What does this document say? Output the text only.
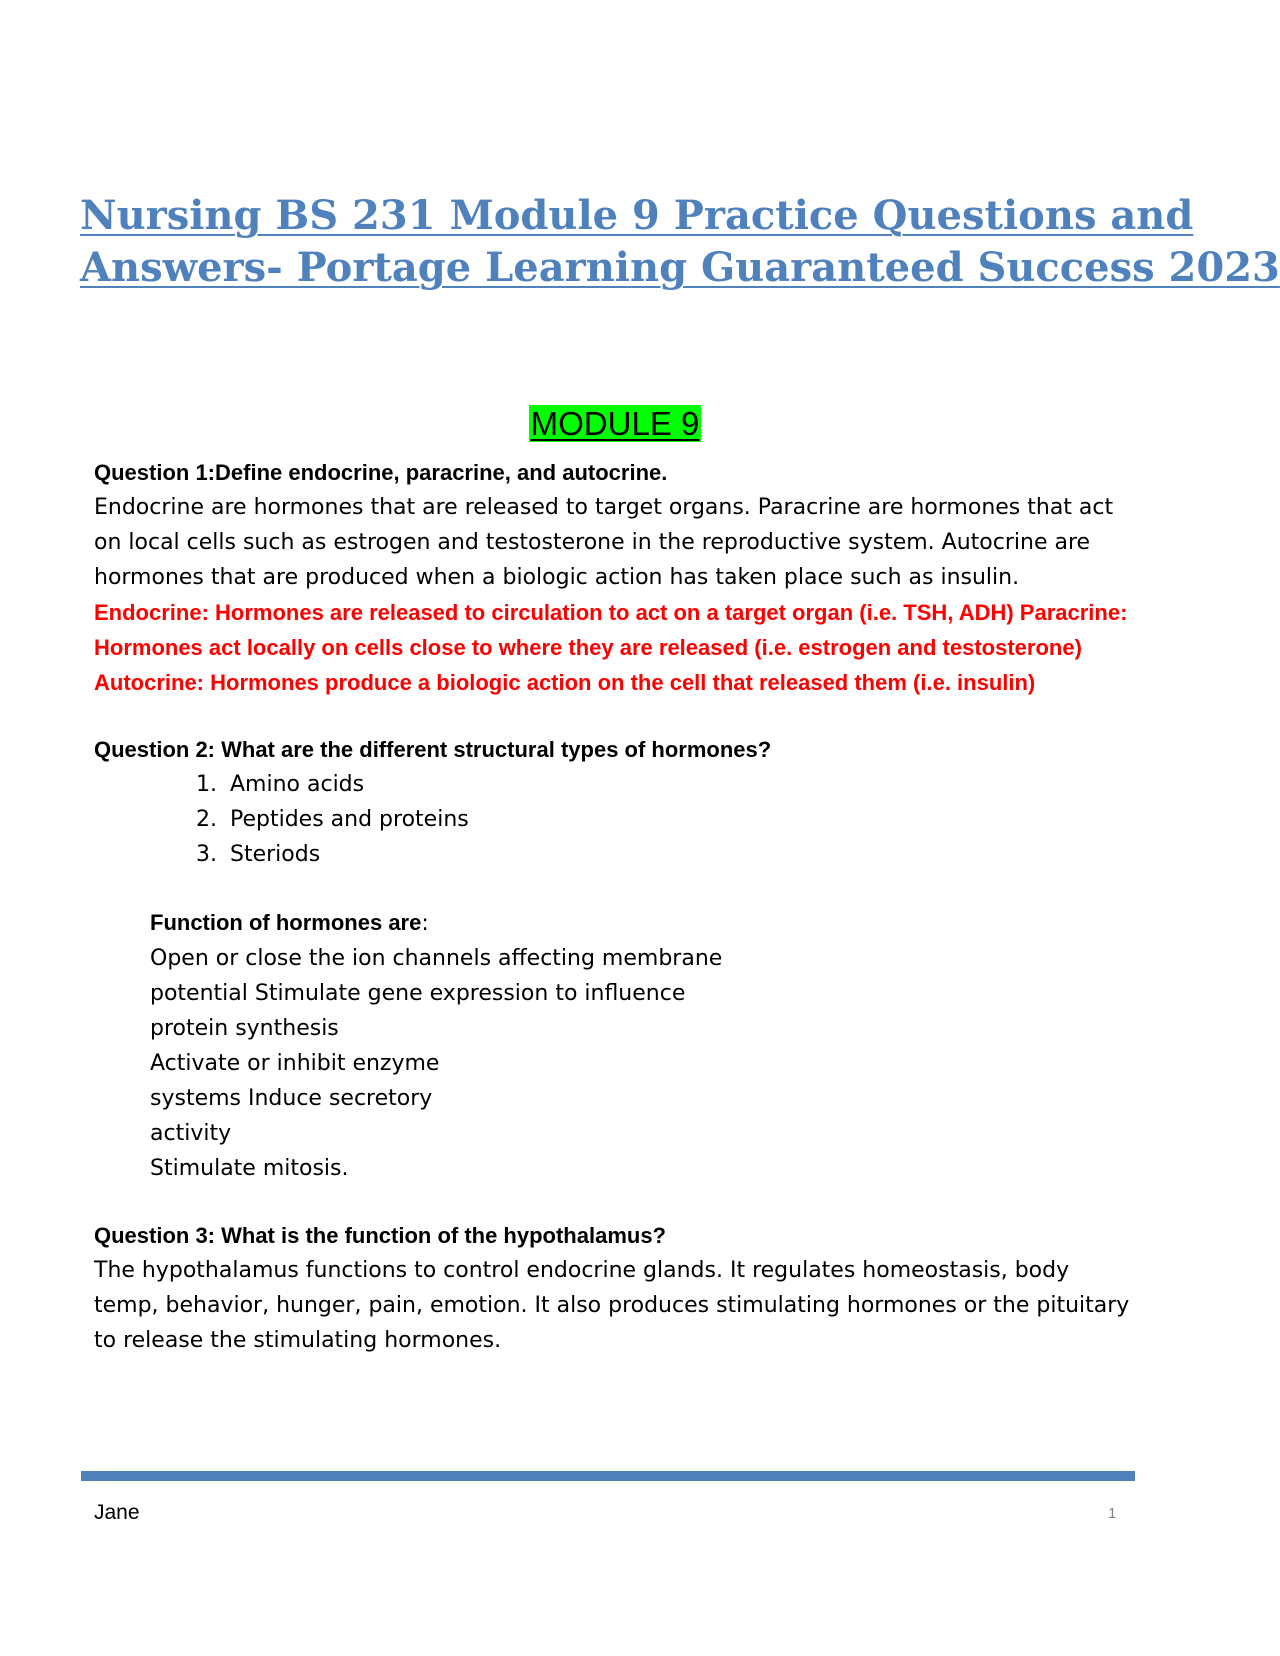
Nursing BS 231 Module 9 Practice Questions and
Answers- Portage Learning Guaranteed Success 2023
MODULE 9

Question 1:Define endocrine, paracrine, and autocrine.

Endocrine are hormones that are released to target organs. Paracrine are hormones that act on local cells such as estrogen and testosterone in the reproductive system. Autocrine are hormones that are produced when a biologic action has taken place such as insulin.

Endocrine: Hormones are released to circulation to act on a target organ (i.e. TSH, ADH) Paracrine: Hormones act locally on cells close to where they are released (i.e. estrogen and testosterone)

Autocrine: Hormones produce a biologic action on the cell that released them (i.e. insulin)

Question 2: What are the different structural types of hormones?

1. Amino acids
2. Peptides and proteins
3. Steriods

Function of hormones are:

Open or close the ion channels affecting membrane

potential Stimulate gene expression to influence

protein synthesis

Activate or inhibit enzyme

systems Induce secretory

activity

Stimulate mitosis.

Question 3: What is the function of the hypothalamus?

The hypothalamus functions to control endocrine glands. It regulates homeostasis, body temp, behavior, hunger, pain, emotion. It also produces stimulating hormones or the pituitary to release the stimulating hormones.

Jane	1
